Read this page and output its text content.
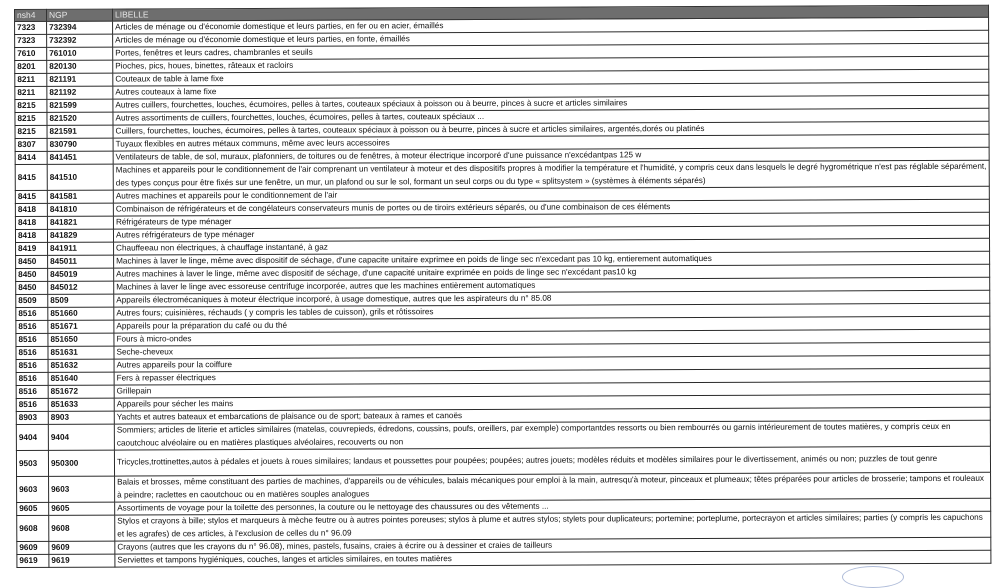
nsh4	NGP	LIBELLE
7323	732394	Articles de ménage ou d'économie domestique et leurs parties, en fer ou en acier, émaillés
7323	732392	Articles de ménage ou d'économie domestique et leurs parties, en fonte, émaillés
7610	761010	Portes, fenêtres et leurs cadres, chambranles et seuils
8201	820130	Pioches, pics, houes, binettes, râteaux et racloirs
8211	821191	Couteaux de table à lame fixe
8211	821192	Autres couteaux à lame fixe
8215	821599	Autres cuillers, fourchettes, louches, écumoires, pelles à tartes, couteaux spéciaux à poisson ou à beurre, pinces à sucre et articles similaires
8215	821520	Autres assortiments de cuillers, fourchettes, louches, écumoires, pelles à tartes, couteaux spéciaux ...
8215	821591	Cuillers, fourchettes, louches, écumoires, pelles à tartes, couteaux spéciaux à poisson ou à beurre, pinces à sucre et articles similaires, argentés,dorés ou platinés
8307	830790	Tuyaux flexibles en autres métaux communs, même avec leurs accessoires
8414	841451	Ventilateurs de table, de sol, muraux, plafonniers, de toitures ou de fenêtres, à moteur électrique incorporé d'une puissance n'excédantpas 125 w
8415	841510	Machines et appareils pour le conditionnement de l'air comprenant un ventilateur à moteur et des dispositifs propres à modifier la température et l'humidité, y compris ceux dans lesquels le degré hygrométrique n'est pas réglable séparément, des types conçus pour être fixés sur une fenêtre, un mur, un plafond ou sur le sol, formant un seul corps ou du type « splitsystem » (systèmes à éléments séparés)
8415	841581	Autres machines et appareils pour le conditionnement de l'air
8418	841810	Combinaison de réfrigérateurs et de congélateurs conservateurs munis de portes ou de tiroirs extérieurs séparés, ou d'une combinaison de ces éléments
8418	841821	Réfrigérateurs de type ménager
8418	841829	Autres réfrigérateurs de type ménager
8419	841911	Chauffeeau non électriques, à chauffage instantané, à gaz
8450	845011	Machines à laver le linge, même avec dispositif de séchage, d'une capacite unitaire exprimee en poids de linge sec n'excedant pas 10 kg, entierement automatiques
8450	845019	Autres machines à laver le linge, même avec dispositif de séchage, d'une capacité unitaire exprimée en poids de linge sec n'excédant pas10 kg
8450	845012	Machines à laver le linge avec essoreuse centrifuge incorporée, autres que les machines entièrement automatiques
8509	8509	Appareils électromécaniques à moteur électrique incorporé, à usage domestique, autres que les aspirateurs du n° 85.08
8516	851660	Autres fours; cuisinières, réchauds ( y compris les tables de cuisson), grils et rôtissoires
8516	851671	Appareils pour la préparation du café ou du thé
8516	851650	Fours à micro-ondes
8516	851631	Seche-cheveux
8516	851632	Autres appareils pour la coiffure
8516	851640	Fers à repasser électriques
8516	851672	Grillepain
8516	851633	Appareils pour sécher les mains
8903	8903	Yachts et autres bateaux et embarcations de plaisance ou de sport; bateaux à rames et canoës
9404	9404	Sommiers; articles de literie et articles similaires (matelas, couvrepieds, édredons, coussins, poufs, oreillers, par exemple) comportantdes ressorts ou bien rembourrés ou garnis intérieurement de toutes matières, y compris ceux en caoutchouc alvéolaire ou en matières plastiques alvéolaires, recouverts ou non
9503	950300	Tricycles,trottinettes,autos à pédales et jouets à roues similaires; landaus et poussettes pour poupées; poupées; autres jouets; modèles réduits et modèles similaires pour le divertissement, animés ou non; puzzles de tout genre
9603	9603	Balais et brosses, même constituant des parties de machines, d'appareils ou de véhicules, balais mécaniques pour emploi à la main, autresqu'à moteur, pinceaux et plumeaux; têtes préparées pour articles de brosserie; tampons et rouleaux à peindre; raclettes en caoutchouc ou en matières souples analogues
9605	9605	Assortiments de voyage pour la toilette des personnes, la couture ou le nettoyage des chaussures ou des vêtements ...
9608	9608	Stylos et crayons à bille; stylos et marqueurs à mèche feutre ou à autres pointes poreuses; stylos à plume et autres stylos; stylets pour duplicateurs; portemine; porteplume, portecrayon et articles similaires; parties (y compris les capuchons et les agrafes) de ces articles, à l'exclusion de celles du n° 96.09
9609	9609	Crayons (autres que les crayons du n° 96.08), mines, pastels, fusains, craies à écrire ou à dessiner et craies de tailleurs
9619	9619	Serviettes et tampons hygiéniques, couches, langes et articles similaires, en toutes matières
